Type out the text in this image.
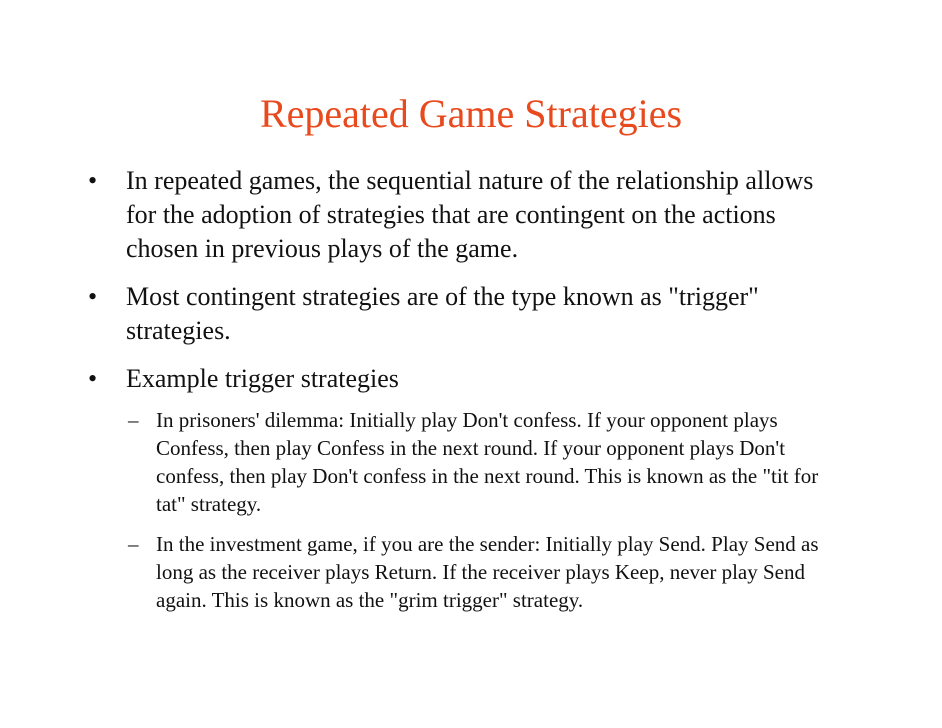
Repeated Game Strategies
• In repeated games, the sequential nature of the relationship allows for the adoption of strategies that are contingent on the actions chosen in previous plays of the game.
• Most contingent strategies are of the type known as "trigger" strategies.
• Example trigger strategies
– In prisoners' dilemma: Initially play Don't confess. If your opponent plays Confess, then play Confess in the next round. If your opponent plays Don't confess, then play Don't confess in the next round. This is known as the "tit for tat" strategy.
– In the investment game, if you are the sender: Initially play Send. Play Send as long as the receiver plays Return. If the receiver plays Keep, never play Send again. This is known as the "grim trigger" strategy.
